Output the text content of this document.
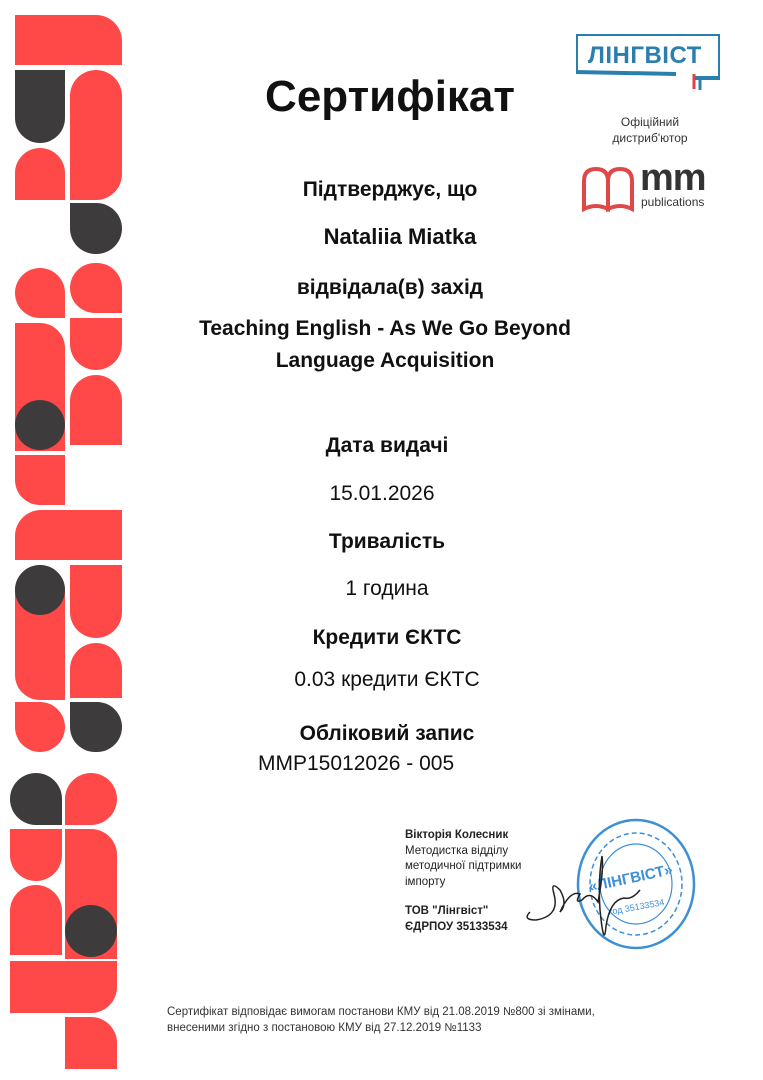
ЛІНГВІСТ
Офіційний
дистриб'ютор
mm
publications
Сертифікат
Підтверджує, що
Nataliia Miatka
відвідала(в) захід
Teaching English - As We Go Beyond
Language Acquisition
Дата видачі
15.01.2026
Тривалість
1 година
Кредити ЄКТС
0.03 кредити ЄКТС
Обліковий запис
MMP15012026 - 005
Вікторія Колесник
Методистка відділу
методичної підтримки
імпорту
ТОВ "Лінгвіст"
ЄДРПОУ 35133534
«ЛІНГВІСТ»
код 35133534
Сертифікат відповідає вимогам постанови КМУ від 21.08.2019 №800 зі змінами,
внесеними згідно з постановою КМУ від 27.12.2019 №1133
